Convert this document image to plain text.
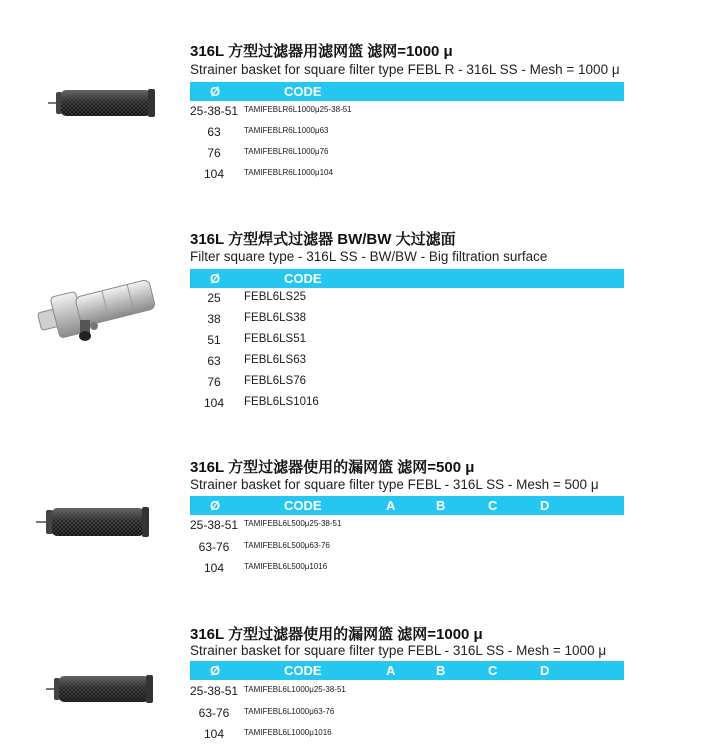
316L 方型过滤器用滤网篮 滤网=1000 μ
Strainer basket for square filter type FEBL R - 316L SS - Mesh = 1000 μ
Ø	CODE
25-38-51 TAMIFEBLR6L1000μ25-38-51
63	TAMIFEBLR6L1000μ63
76	TAMIFEBLR6L1000μ76
104	TAMIFEBLR6L1000μ104
316L 方型焊式过滤器 BW/BW 大过滤面
Filter square type - 316L SS - BW/BW - Big filtration surface
Ø	CODE
25	FEBL6LS25
38	FEBL6LS38
51	FEBL6LS51
63	FEBL6LS63
76	FEBL6LS76
104	FEBL6LS1016
316L 方型过滤器使用的漏网篮 滤网=500 μ
Strainer basket for square filter type FEBL - 316L SS - Mesh = 500 μ
Ø	CODE	A	B	C	D
25-38-51 TAMIFEBL6L500μ25-38-51
63-76	TAMIFEBL6L500μ63-76
104	TAMIFEBL6L500μ1016
316L 方型过滤器使用的漏网篮 滤网=1000 μ
Strainer basket for square filter type FEBL - 316L SS - Mesh = 1000 μ
Ø	CODE	A	B	C	D
25-38-51 TAMIFEBL6L1000μ25-38-51
63-76	TAMIFEBL6L1000μ63-76
104	TAMIFEBL6L1000μ1016
